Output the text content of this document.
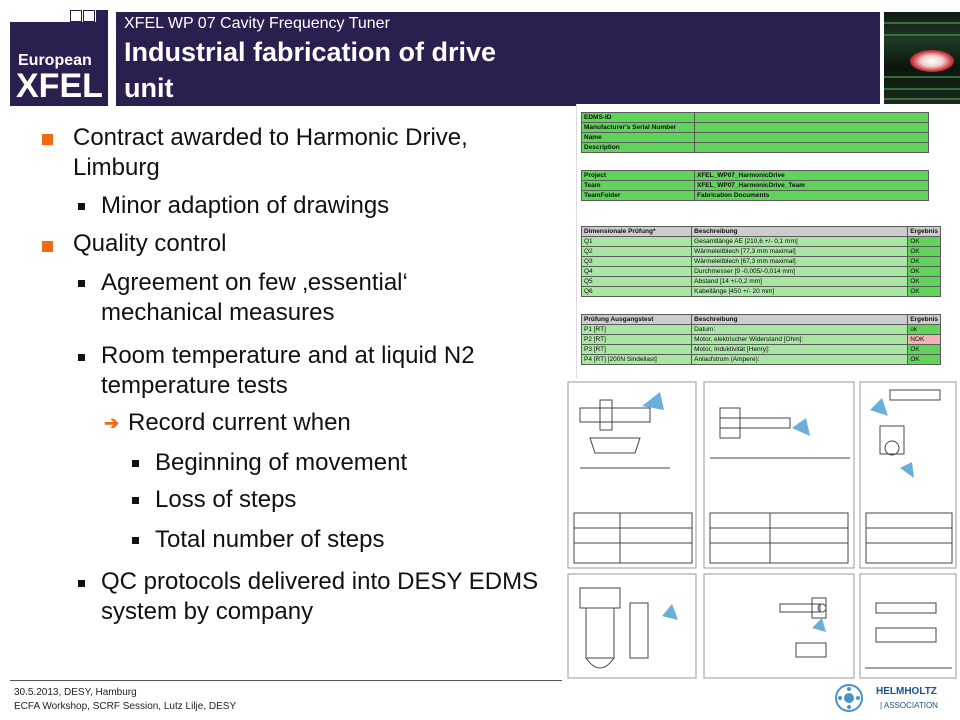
European
XFEL
XFEL WP 07 Cavity Frequency Tuner
Industrial fabrication of drive unit
Contract awarded to Harmonic Drive, Limburg
Minor adaption of drawings
Quality control
Agreement on few ‚essential‘ mechanical measures
Room temperature and at liquid N2 temperature tests
➔ Record current when
Beginning of movement
Loss of steps
Total number of steps
QC protocols delivered into DESY EDMS system by company
EDMS-ID	
Manufacturer's Serial Number	
Name	
Description	
Project	XFEL_WP07_HarmonicDrive
Team	XFEL_WP07_HarmonicDrive_Team
TeamFolder	Fabrication Documents
Dimensionale Prüfung*	Beschreibung	Ergebnis
Q1	Gesamtlänge AE [210,6 +/- 0,1 mm]	OK
Q2	Wärmeleitblech [77,3 mm maximal]	OK
Q3	Wärmeleitblech [67,3 mm maximal]	OK
Q4	Durchmesser [9 -0,005/-0,014 mm]	OK
Q5	Abstand [14 +/-0,2 mm]	OK
Q6	Kabellänge [450 +/- 20 mm]	OK
Prüfung Ausgangstest	Beschreibung	Ergebnis
P1 [RT]	Datum:	ok
P2 [RT]	Motor, elektrischer Widerstand [Ohm]:	NOK
P3 [RT]	Motor, Induktivität [Henry]:	OK
P4 [RT] [200N Sindellast]	Anlaufstrom (Ampere):	OK
30.5.2013, DESY, Hamburg
ECFA Workshop, SCRF Session, Lutz Lilje, DESY
HELMHOLTZ
| ASSOCIATION
